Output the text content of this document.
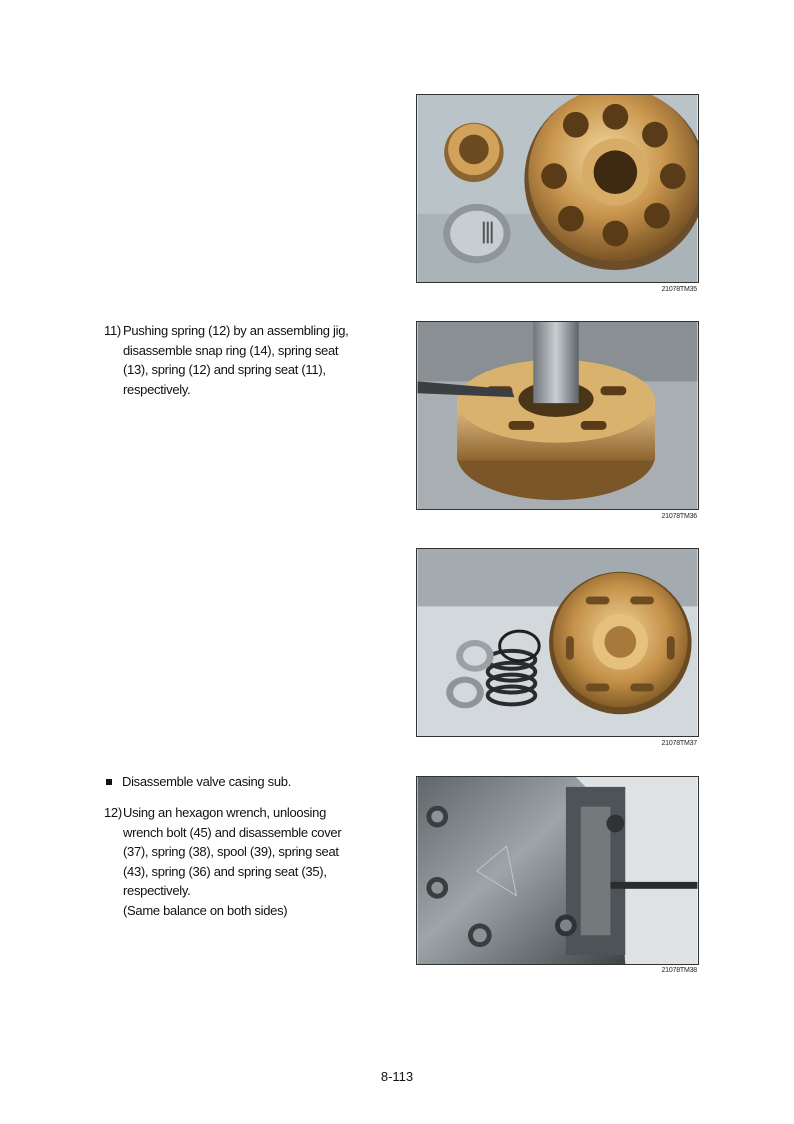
21078TM35
11) Pushing spring (12) by an assembling jig,
disassemble snap ring (14), spring seat
(13), spring (12) and spring seat (11),
respectively.
21078TM36
21078TM37
Disassemble valve casing sub.
12) Using an hexagon wrench, unloosing
wrench bolt (45) and disassemble cover
(37), spring (38), spool (39), spring seat
(43), spring (36) and spring seat (35),
respectively.
(Same balance on both sides)
21078TM38
8-113
